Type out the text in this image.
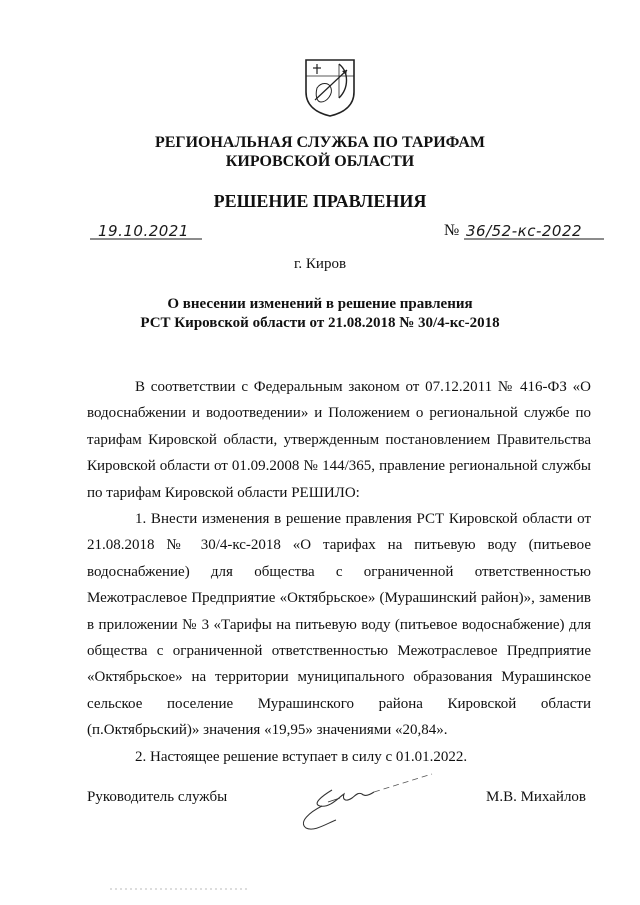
РЕГИОНАЛЬНАЯ СЛУЖБА ПО ТАРИФАМ
КИРОВСКОЙ ОБЛАСТИ
РЕШЕНИЕ ПРАВЛЕНИЯ
19.10.2021	№ 36/52-кс-2022
г. Киров
О внесении изменений в решение правления
РСТ Кировской области от 21.08.2018 № 30/4-кс-2018

В соответствии с Федеральным законом от 07.12.2011 № 416-ФЗ «О водоснабжении и водоотведении» и Положением о региональной службе по тарифам Кировской области, утвержденным постановлением Правительства Кировской области от 01.09.2008 № 144/365, правление региональной службы по тарифам Кировской области РЕШИЛО:

1. Внести изменения в решение правления РСТ Кировской области от 21.08.2018 № 30/4-кс-2018 «О тарифах на питьевую воду (питьевое водоснабжение) для общества с ограниченной ответственностью Межотраслевое Предприятие «Октябрьское» (Мурашинский район)», заменив в приложении № 3 «Тарифы на питьевую воду (питьевое водоснабжение) для общества с ограниченной ответственностью Межотраслевое Предприятие «Октябрьское» на территории муниципального образования Мурашинское сельское поселение Мурашинского района Кировской области (п.Октябрьский)» значения «19,95» значениями «20,84».

2. Настоящее решение вступает в силу с 01.01.2022.

Руководитель службы	М.В. Михайлов
